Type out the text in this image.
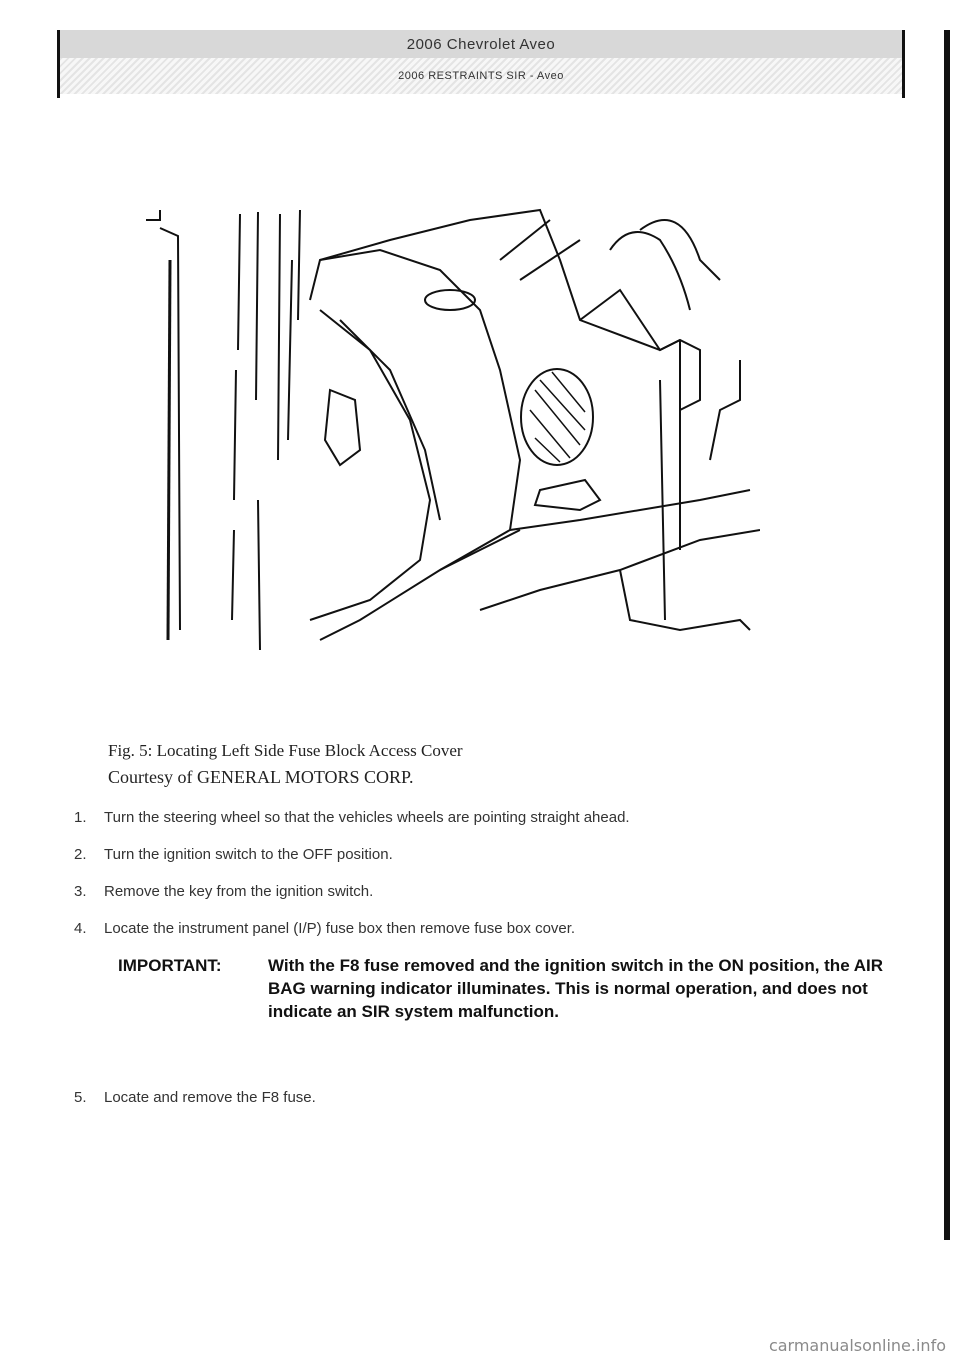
2006 Chevrolet Aveo
2006 RESTRAINTS SIR - Aveo
Fig. 5: Locating Left Side Fuse Block Access Cover
Courtesy of GENERAL MOTORS CORP.
1.	Turn the steering wheel so that the vehicles wheels are pointing straight ahead.
2.	Turn the ignition switch to the OFF position.
3.	Remove the key from the ignition switch.
4.	Locate the instrument panel (I/P) fuse box then remove fuse box cover.
IMPORTANT:	With the F8 fuse removed and the ignition switch in the ON position, the AIR BAG warning indicator illuminates. This is normal operation, and does not indicate an SIR system malfunction.
5.	Locate and remove the F8 fuse.
carmanualsonline.info
